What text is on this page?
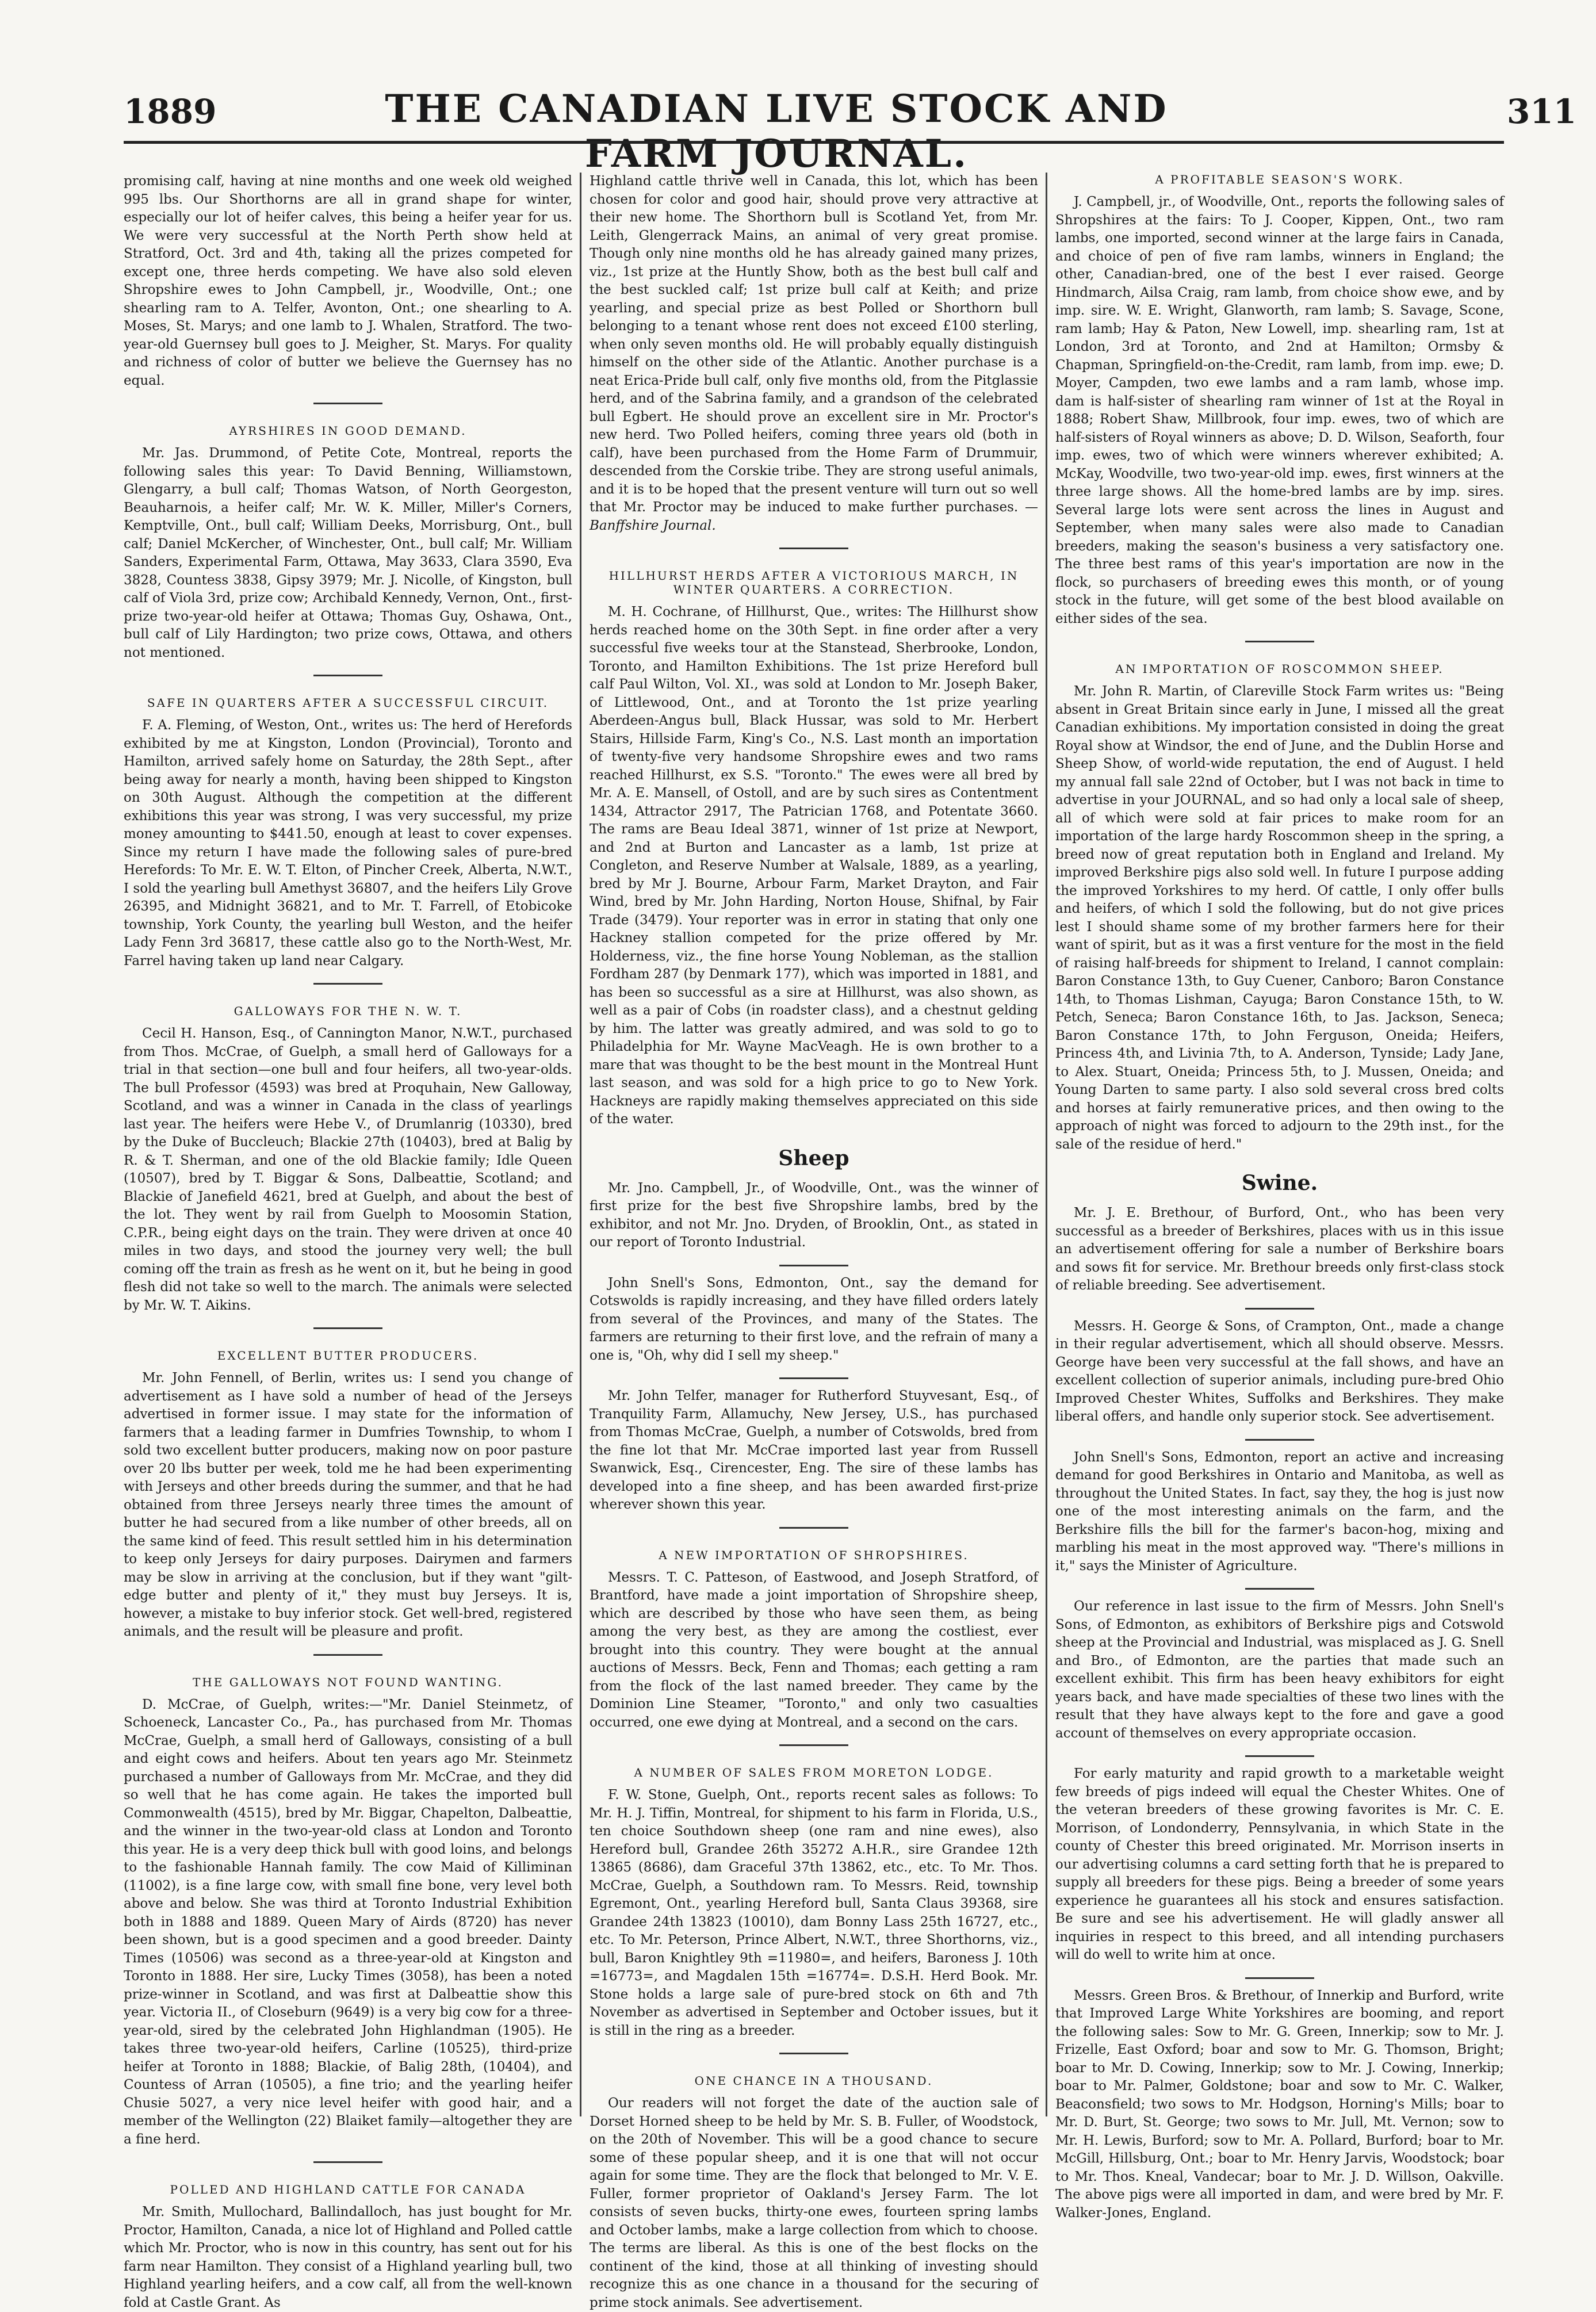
1889	THE CANADIAN LIVE STOCK AND FARM JOURNAL.
311

promising calf, having at nine months and one week old weighed 995 lbs. Our Shorthorns are all in grand shape for winter, especially our lot of heifer calves, this being a heifer year for us. We were very successful at the North Perth show held at Stratford, Oct. 3rd and 4th, taking all the prizes competed for except one, three herds competing. We have also sold eleven Shropshire ewes to John Campbell, jr., Woodville, Ont.; one shearling ram to A. Telfer, Avonton, Ont.; one shearling to A. Moses, St. Marys; and one lamb to J. Whalen, Stratford. The two-year-old Guernsey bull goes to J. Meigher, St. Marys. For quality and richness of color of butter we believe the Guernsey has no equal.

AYRSHIRES IN GOOD DEMAND.

Mr. Jas. Drummond, of Petite Cote, Montreal, reports the following sales this year: To David Benning, Williamstown, Glengarry, a bull calf; Thomas Watson, of North Georgeston, Beauharnois, a heifer calf; Mr. W. K. Miller, Miller's Corners, Kemptville, Ont., bull calf; William Deeks, Morrisburg, Ont., bull calf; Daniel McKercher, of Winchester, Ont., bull calf; Mr. William Sanders, Experimental Farm, Ottawa, May 3633, Clara 3590, Eva 3828, Countess 3838, Gipsy 3979; Mr. J. Nicolle, of Kingston, bull calf of Viola 3rd, prize cow; Archibald Kennedy, Vernon, Ont., first-prize two-year-old heifer at Ottawa; Thomas Guy, Oshawa, Ont., bull calf of Lily Hardington; two prize cows, Ottawa, and others not mentioned.

SAFE IN QUARTERS AFTER A SUCCESSFUL CIRCUIT.

F. A. Fleming, of Weston, Ont., writes us: The herd of Herefords exhibited by me at Kingston, London (Provincial), Toronto and Hamilton, arrived safely home on Saturday, the 28th Sept., after being away for nearly a month, having been shipped to Kingston on 30th August. Although the competition at the different exhibitions this year was strong, I was very successful, my prize money amounting to $441.50, enough at least to cover expenses. Since my return I have made the following sales of pure-bred Herefords: To Mr. E. W. T. Elton, of Pincher Creek, Alberta, N.W.T., I sold the yearling bull Amethyst 36807, and the heifers Lily Grove 26395, and Midnight 36821, and to Mr. T. Farrell, of Etobicoke township, York County, the yearling bull Weston, and the heifer Lady Fenn 3rd 36817, these cattle also go to the North-West, Mr. Farrel having taken up land near Calgary.

GALLOWAYS FOR THE N. W. T.

Cecil H. Hanson, Esq., of Cannington Manor, N.W.T., purchased from Thos. McCrae, of Guelph, a small herd of Galloways for a trial in that section—one bull and four heifers, all two-year-olds. The bull Professor (4593) was bred at Proquhain, New Galloway, Scotland, and was a winner in Canada in the class of yearlings last year. The heifers were Hebe V., of Drumlanrig (10330), bred by the Duke of Buccleuch; Blackie 27th (10403), bred at Balig by R. & T. Sherman, and one of the old Blackie family; Idle Queen (10507), bred by T. Biggar & Sons, Dalbeattie, Scotland; and Blackie of Janefield 4621, bred at Guelph, and about the best of the lot. They went by rail from Guelph to Moosomin Station, C.P.R., being eight days on the train. They were driven at once 40 miles in two days, and stood the journey very well; the bull coming off the train as fresh as he went on it, but he being in good flesh did not take so well to the march. The animals were selected by Mr. W. T. Aikins.

EXCELLENT BUTTER PRODUCERS.

Mr. John Fennell, of Berlin, writes us: I send you change of advertisement as I have sold a number of head of the Jerseys advertised in former issue. I may state for the information of farmers that a leading farmer in Dumfries Township, to whom I sold two excellent butter producers, making now on poor pasture over 20 lbs butter per week, told me he had been experimenting with Jerseys and other breeds during the summer, and that he had obtained from three Jerseys nearly three times the amount of butter he had secured from a like number of other breeds, all on the same kind of feed. This result settled him in his determination to keep only Jerseys for dairy purposes. Dairymen and farmers may be slow in arriving at the conclusion, but if they want "gilt-edge butter and plenty of it," they must buy Jerseys. It is, however, a mistake to buy inferior stock. Get well-bred, registered animals, and the result will be pleasure and profit.

THE GALLOWAYS NOT FOUND WANTING.

D. McCrae, of Guelph, writes:—"Mr. Daniel Steinmetz, of Schoeneck, Lancaster Co., Pa., has purchased from Mr. Thomas McCrae, Guelph, a small herd of Galloways, consisting of a bull and eight cows and heifers. About ten years ago Mr. Steinmetz purchased a number of Galloways from Mr. McCrae, and they did so well that he has come again. He takes the imported bull Commonwealth (4515), bred by Mr. Biggar, Chapelton, Dalbeattie, and the winner in the two-year-old class at London and Toronto this year. He is a very deep thick bull with good loins, and belongs to the fashionable Hannah family. The cow Maid of Killiminan (11002), is a fine large cow, with small fine bone, very level both above and below. She was third at Toronto Industrial Exhibition both in 1888 and 1889. Queen Mary of Airds (8720) has never been shown, but is a good specimen and a good breeder. Dainty Times (10506) was second as a three-year-old at Kingston and Toronto in 1888. Her sire, Lucky Times (3058), has been a noted prize-winner in Scotland, and was first at Dalbeattie show this year. Victoria II., of Closeburn (9649) is a very big cow for a three-year-old, sired by the celebrated John Highlandman (1905). He takes three two-year-old heifers, Carline (10525), third-prize heifer at Toronto in 1888; Blackie, of Balig 28th, (10404), and Countess of Arran (10505), a fine trio; and the yearling heifer Chusie 5027, a very nice level heifer with good hair, and a member of the Wellington (22) Blaiket family—altogether they are a fine herd.

POLLED AND HIGHLAND CATTLE FOR CANADA

Mr. Smith, Mullochard, Ballindalloch, has just bought for Mr. Proctor, Hamilton, Canada, a nice lot of Highland and Polled cattle which Mr. Proctor, who is now in this country, has sent out for his farm near Hamilton. They consist of a Highland yearling bull, two Highland yearling heifers, and a cow calf, all from the well-known fold at Castle Grant. As

Highland cattle thrive well in Canada, this lot, which has been chosen for color and good hair, should prove very attractive at their new home. The Shorthorn bull is Scotland Yet, from Mr. Leith, Glengerrack Mains, an animal of very great promise. Though only nine months old he has already gained many prizes, viz., 1st prize at the Huntly Show, both as the best bull calf and the best suckled calf; 1st prize bull calf at Keith; and prize yearling, and special prize as best Polled or Shorthorn bull belonging to a tenant whose rent does not exceed £100 sterling, when only seven months old. He will probably equally distinguish himself on the other side of the Atlantic. Another purchase is a neat Erica-Pride bull calf, only five months old, from the Pitglassie herd, and of the Sabrina family, and a grandson of the celebrated bull Egbert. He should prove an excellent sire in Mr. Proctor's new herd. Two Polled heifers, coming three years old (both in calf), have been purchased from the Home Farm of Drummuir, descended from the Corskie tribe. They are strong useful animals, and it is to be hoped that the present venture will turn out so well that Mr. Proctor may be induced to make further purchases. —Banffshire Journal.

HILLHURST HERDS AFTER A VICTORIOUS MARCH, IN WINTER QUARTERS. A CORRECTION.

M. H. Cochrane, of Hillhurst, Que., writes: The Hillhurst show herds reached home on the 30th Sept. in fine order after a very successful five weeks tour at the Stanstead, Sherbrooke, London, Toronto, and Hamilton Exhibitions. The 1st prize Hereford bull calf Paul Wilton, Vol. XI., was sold at London to Mr. Joseph Baker, of Littlewood, Ont., and at Toronto the 1st prize yearling Aberdeen-Angus bull, Black Hussar, was sold to Mr. Herbert Stairs, Hillside Farm, King's Co., N.S. Last month an importation of twenty-five very handsome Shropshire ewes and two rams reached Hillhurst, ex S.S. "Toronto." The ewes were all bred by Mr. A. E. Mansell, of Ostoll, and are by such sires as Contentment 1434, Attractor 2917, The Patrician 1768, and Potentate 3660. The rams are Beau Ideal 3871, winner of 1st prize at Newport, and 2nd at Burton and Lancaster as a lamb, 1st prize at Congleton, and Reserve Number at Walsale, 1889, as a yearling, bred by Mr J. Bourne, Arbour Farm, Market Drayton, and Fair Wind, bred by Mr. John Harding, Norton House, Shifnal, by Fair Trade (3479). Your reporter was in error in stating that only one Hackney stallion competed for the prize offered by Mr. Holderness, viz., the fine horse Young Nobleman, as the stallion Fordham 287 (by Denmark 177), which was imported in 1881, and has been so successful as a sire at Hillhurst, was also shown, as well as a pair of Cobs (in roadster class), and a chestnut gelding by him. The latter was greatly admired, and was sold to go to Philadelphia for Mr. Wayne MacVeagh. He is own brother to a mare that was thought to be the best mount in the Montreal Hunt last season, and was sold for a high price to go to New York. Hackneys are rapidly making themselves appreciated on this side of the water.

Sheep

Mr. Jno. Campbell, Jr., of Woodville, Ont., was the winner of first prize for the best five Shropshire lambs, bred by the exhibitor, and not Mr. Jno. Dryden, of Brooklin, Ont., as stated in our report of Toronto Industrial.

John Snell's Sons, Edmonton, Ont., say the demand for Cotswolds is rapidly increasing, and they have filled orders lately from several of the Provinces, and many of the States. The farmers are returning to their first love, and the refrain of many a one is, "Oh, why did I sell my sheep."

Mr. John Telfer, manager for Rutherford Stuyvesant, Esq., of Tranquility Farm, Allamuchy, New Jersey, U.S., has purchased from Thomas McCrae, Guelph, a number of Cotswolds, bred from the fine lot that Mr. McCrae imported last year from Russell Swanwick, Esq., Cirencester, Eng. The sire of these lambs has developed into a fine sheep, and has been awarded first-prize wherever shown this year.

A NEW IMPORTATION OF SHROPSHIRES.

Messrs. T. C. Patteson, of Eastwood, and Joseph Stratford, of Brantford, have made a joint importation of Shropshire sheep, which are described by those who have seen them, as being among the very best, as they are among the costliest, ever brought into this country. They were bought at the annual auctions of Messrs. Beck, Fenn and Thomas; each getting a ram from the flock of the last named breeder. They came by the Dominion Line Steamer, "Toronto," and only two casualties occurred, one ewe dying at Montreal, and a second on the cars.

A NUMBER OF SALES FROM MORETON LODGE.

F. W. Stone, Guelph, Ont., reports recent sales as follows: To Mr. H. J. Tiffin, Montreal, for shipment to his farm in Florida, U.S., ten choice Southdown sheep (one ram and nine ewes), also Hereford bull, Grandee 26th 35272 A.H.R., sire Grandee 12th 13865 (8686), dam Graceful 37th 13862, etc., etc. To Mr. Thos. McCrae, Guelph, a Southdown ram. To Messrs. Reid, township Egremont, Ont., yearling Hereford bull, Santa Claus 39368, sire Grandee 24th 13823 (10010), dam Bonny Lass 25th 16727, etc., etc. To Mr. Peterson, Prince Albert, N.W.T., three Shorthorns, viz., bull, Baron Knightley 9th =11980=, and heifers, Baroness J. 10th =16773=, and Magdalen 15th =16774=. D.S.H. Herd Book. Mr. Stone holds a large sale of pure-bred stock on 6th and 7th November as advertised in September and October issues, but it is still in the ring as a breeder.

ONE CHANCE IN A THOUSAND.

Our readers will not forget the date of the auction sale of Dorset Horned sheep to be held by Mr. S. B. Fuller, of Woodstock, on the 20th of November. This will be a good chance to secure some of these popular sheep, and it is one that will not occur again for some time. They are the flock that belonged to Mr. V. E. Fuller, former proprietor of Oakland's Jersey Farm. The lot consists of seven bucks, thirty-one ewes, fourteen spring lambs and October lambs, make a large collection from which to choose. The terms are liberal. As this is one of the best flocks on the continent of the kind, those at all thinking of investing should recognize this as one chance in a thousand for the securing of prime stock animals. See advertisement.

A PROFITABLE SEASON'S WORK.

J. Campbell, jr., of Woodville, Ont., reports the following sales of Shropshires at the fairs: To J. Cooper, Kippen, Ont., two ram lambs, one imported, second winner at the large fairs in Canada, and choice of pen of five ram lambs, winners in England; the other, Canadian-bred, one of the best I ever raised. George Hindmarch, Ailsa Craig, ram lamb, from choice show ewe, and by imp. sire. W. E. Wright, Glanworth, ram lamb; S. Savage, Scone, ram lamb; Hay & Paton, New Lowell, imp. shearling ram, 1st at London, 3rd at Toronto, and 2nd at Hamilton; Ormsby & Chapman, Springfield-on-the-Credit, ram lamb, from imp. ewe; D. Moyer, Campden, two ewe lambs and a ram lamb, whose imp. dam is half-sister of shearling ram winner of 1st at the Royal in 1888; Robert Shaw, Millbrook, four imp. ewes, two of which are half-sisters of Royal winners as above; D. D. Wilson, Seaforth, four imp. ewes, two of which were winners wherever exhibited; A. McKay, Woodville, two two-year-old imp. ewes, first winners at the three large shows. All the home-bred lambs are by imp. sires. Several large lots were sent across the lines in August and September, when many sales were also made to Canadian breeders, making the season's business a very satisfactory one. The three best rams of this year's importation are now in the flock, so purchasers of breeding ewes this month, or of young stock in the future, will get some of the best blood available on either sides of the sea.

AN IMPORTATION OF ROSCOMMON SHEEP.

Mr. John R. Martin, of Clareville Stock Farm writes us: "Being absent in Great Britain since early in June, I missed all the great Canadian exhibitions. My importation consisted in doing the great Royal show at Windsor, the end of June, and the Dublin Horse and Sheep Show, of world-wide reputation, the end of August. I held my annual fall sale 22nd of October, but I was not back in time to advertise in your JOURNAL, and so had only a local sale of sheep, all of which were sold at fair prices to make room for an importation of the large hardy Roscommon sheep in the spring, a breed now of great reputation both in England and Ireland. My improved Berkshire pigs also sold well. In future I purpose adding the improved Yorkshires to my herd. Of cattle, I only offer bulls and heifers, of which I sold the following, but do not give prices lest I should shame some of my brother farmers here for their want of spirit, but as it was a first venture for the most in the field of raising half-breeds for shipment to Ireland, I cannot complain: Baron Constance 13th, to Guy Cuener, Canboro; Baron Constance 14th, to Thomas Lishman, Cayuga; Baron Constance 15th, to W. Petch, Seneca; Baron Constance 16th, to Jas. Jackson, Seneca; Baron Constance 17th, to John Ferguson, Oneida; Heifers, Princess 4th, and Livinia 7th, to A. Anderson, Tynside; Lady Jane, to Alex. Stuart, Oneida; Princess 5th, to J. Mussen, Oneida; and Young Darten to same party. I also sold several cross bred colts and horses at fairly remunerative prices, and then owing to the approach of night was forced to adjourn to the 29th inst., for the sale of the residue of herd."

Swine.

Mr. J. E. Brethour, of Burford, Ont., who has been very successful as a breeder of Berkshires, places with us in this issue an advertisement offering for sale a number of Berkshire boars and sows fit for service. Mr. Brethour breeds only first-class stock of reliable breeding. See advertisement.

Messrs. H. George & Sons, of Crampton, Ont., made a change in their regular advertisement, which all should observe. Messrs. George have been very successful at the fall shows, and have an excellent collection of superior animals, including pure-bred Ohio Improved Chester Whites, Suffolks and Berkshires. They make liberal offers, and handle only superior stock. See advertisement.

John Snell's Sons, Edmonton, report an active and increasing demand for good Berkshires in Ontario and Manitoba, as well as throughout the United States. In fact, say they, the hog is just now one of the most interesting animals on the farm, and the Berkshire fills the bill for the farmer's bacon-hog, mixing and marbling his meat in the most approved way. "There's millions in it," says the Minister of Agriculture.

Our reference in last issue to the firm of Messrs. John Snell's Sons, of Edmonton, as exhibitors of Berkshire pigs and Cotswold sheep at the Provincial and Industrial, was misplaced as J. G. Snell and Bro., of Edmonton, are the parties that made such an excellent exhibit. This firm has been heavy exhibitors for eight years back, and have made specialties of these two lines with the result that they have always kept to the fore and gave a good account of themselves on every appropriate occasion.

For early maturity and rapid growth to a marketable weight few breeds of pigs indeed will equal the Chester Whites. One of the veteran breeders of these growing favorites is Mr. C. E. Morrison, of Londonderry, Pennsylvania, in which State in the county of Chester this breed originated. Mr. Morrison inserts in our advertising columns a card setting forth that he is prepared to supply all breeders for these pigs. Being a breeder of some years experience he guarantees all his stock and ensures satisfaction. Be sure and see his advertisement. He will gladly answer all inquiries in respect to this breed, and all intending purchasers will do well to write him at once.

Messrs. Green Bros. & Brethour, of Innerkip and Burford, write that Improved Large White Yorkshires are booming, and report the following sales: Sow to Mr. G. Green, Innerkip; sow to Mr. J. Frizelle, East Oxford; boar and sow to Mr. G. Thomson, Bright; boar to Mr. D. Cowing, Innerkip; sow to Mr. J. Cowing, Innerkip; boar to Mr. Palmer, Goldstone; boar and sow to Mr. C. Walker, Beaconsfield; two sows to Mr. Hodgson, Horning's Mills; boar to Mr. D. Burt, St. George; two sows to Mr. Jull, Mt. Vernon; sow to Mr. H. Lewis, Burford; sow to Mr. A. Pollard, Burford; boar to Mr. McGill, Hillsburg, Ont.; boar to Mr. Henry Jarvis, Woodstock; boar to Mr. Thos. Kneal, Vandecar; boar to Mr. J. D. Willson, Oakville. The above pigs were all imported in dam, and were bred by Mr. F. Walker-Jones, England.
